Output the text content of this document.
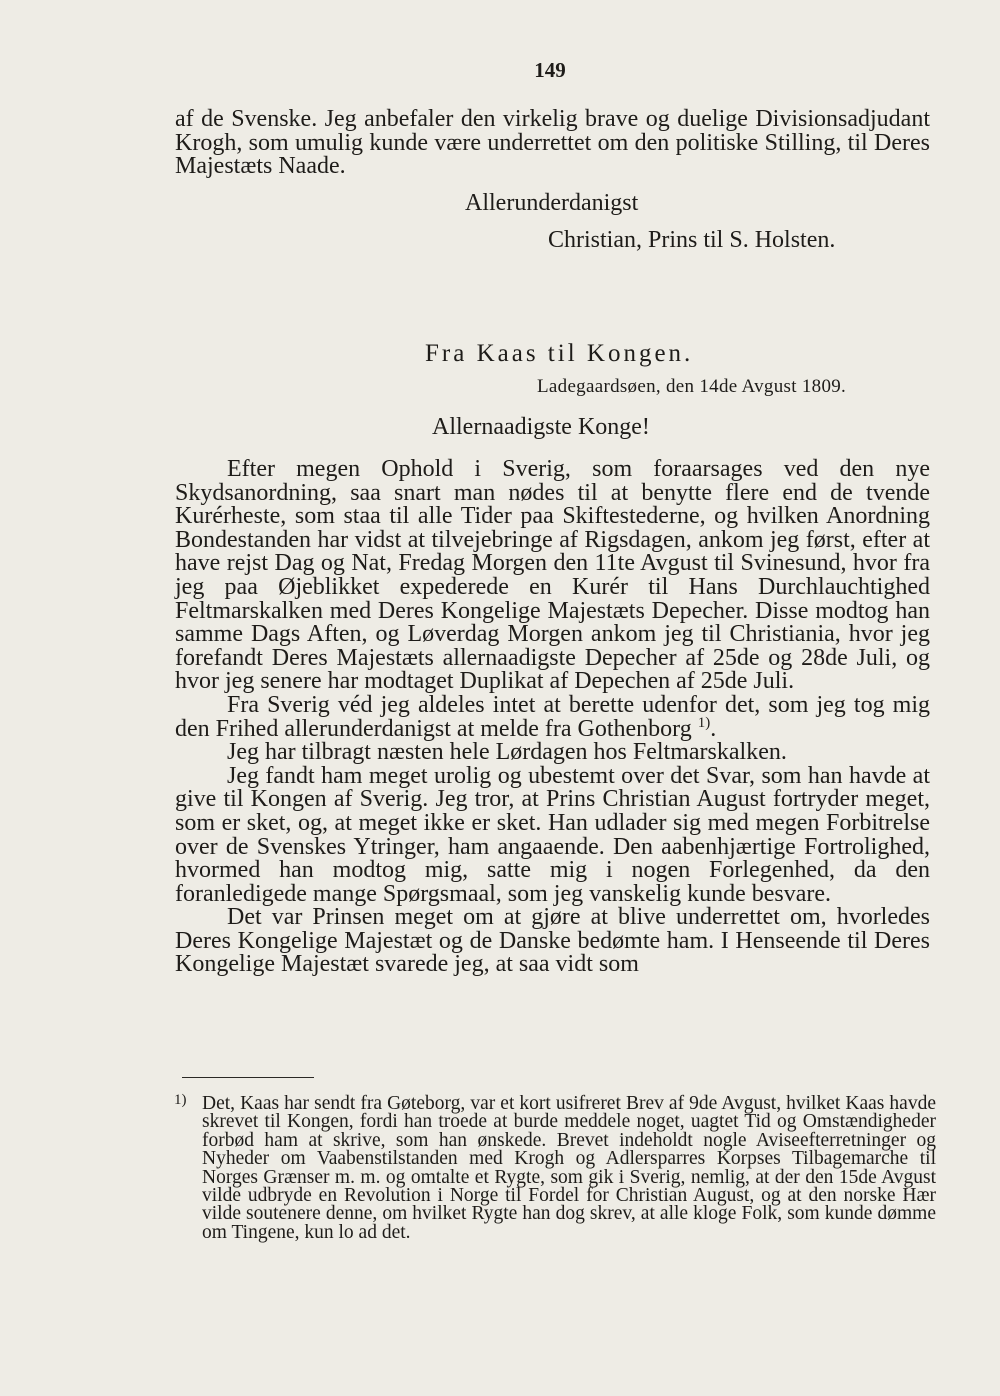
149

af de Svenske. Jeg anbefaler den virkelig brave og duelige Divisionsadjudant Krogh, som umulig kunde være underrettet om den politiske Stilling, til Deres Majestæts Naade.

Allerunderdanigst
Christian, Prins til S. Holsten.
Fra Kaas til Kongen.
Ladegaardsøen, den 14de Avgust 1809.
Allernaadigste Konge!

Efter megen Ophold i Sverig, som foraarsages ved den nye Skydsanordning, saa snart man nødes til at benytte flere end de tvende Kurérheste, som staa til alle Tider paa Skiftestederne, og hvilken Anordning Bondestanden har vidst at tilvejebringe af Rigsdagen, ankom jeg først, efter at have rejst Dag og Nat, Fredag Morgen den 11te Avgust til Svinesund, hvor fra jeg paa Øjeblikket expederede en Kurér til Hans Durchlauchtighed Feltmarskalken med Deres Kongelige Majestæts Depecher. Disse modtog han samme Dags Aften, og Løverdag Morgen ankom jeg til Christiania, hvor jeg forefandt Deres Majestæts allernaadigste Depecher af 25de og 28de Juli, og hvor jeg senere har modtaget Duplikat af Depechen af 25de Juli.

Fra Sverig véd jeg aldeles intet at berette udenfor det, som jeg tog mig den Frihed allerunderdanigst at melde fra Gothenborg $^{1)}$.

Jeg har tilbragt næsten hele Lørdagen hos Feltmarskalken.

Jeg fandt ham meget urolig og ubestemt over det Svar, som han havde at give til Kongen af Sverig. Jeg tror, at Prins Christian August fortryder meget, som er sket, og, at meget ikke er sket. Han udlader sig med megen Forbitrelse over de Svenskes Ytringer, ham angaaende. Den aabenhjærtige Fortrolighed, hvormed han modtog mig, satte mig i nogen Forlegenhed, da den foranledigede mange Spørgsmaal, som jeg vanskelig kunde besvare.

Det var Prinsen meget om at gjøre at blive underrettet om, hvorledes Deres Kongelige Majestæt og de Danske bedømte ham. I Henseende til Deres Kongelige Majestæt svarede jeg, at saa vidt som

1) Det, Kaas har sendt fra Gøteborg, var et kort usifreret Brev af 9de Avgust, hvilket Kaas havde skrevet til Kongen, fordi han troede at burde meddele noget, uagtet Tid og Omstændigheder forbød ham at skrive, som han ønskede. Brevet indeholdt nogle Aviseefterretninger og Nyheder om Vaabenstilstanden med Krogh og Adlersparres Korpses Tilbagemarche til Norges Grænser m. m. og omtalte et Rygte, som gik i Sverig, nemlig, at der den 15de Avgust vilde udbryde en Revolution i Norge til Fordel for Christian August, og at den norske Hær vilde soutenere denne, om hvilket Rygte han dog skrev, at alle kloge Folk, som kunde dømme om Tingene, kun lo ad det.
